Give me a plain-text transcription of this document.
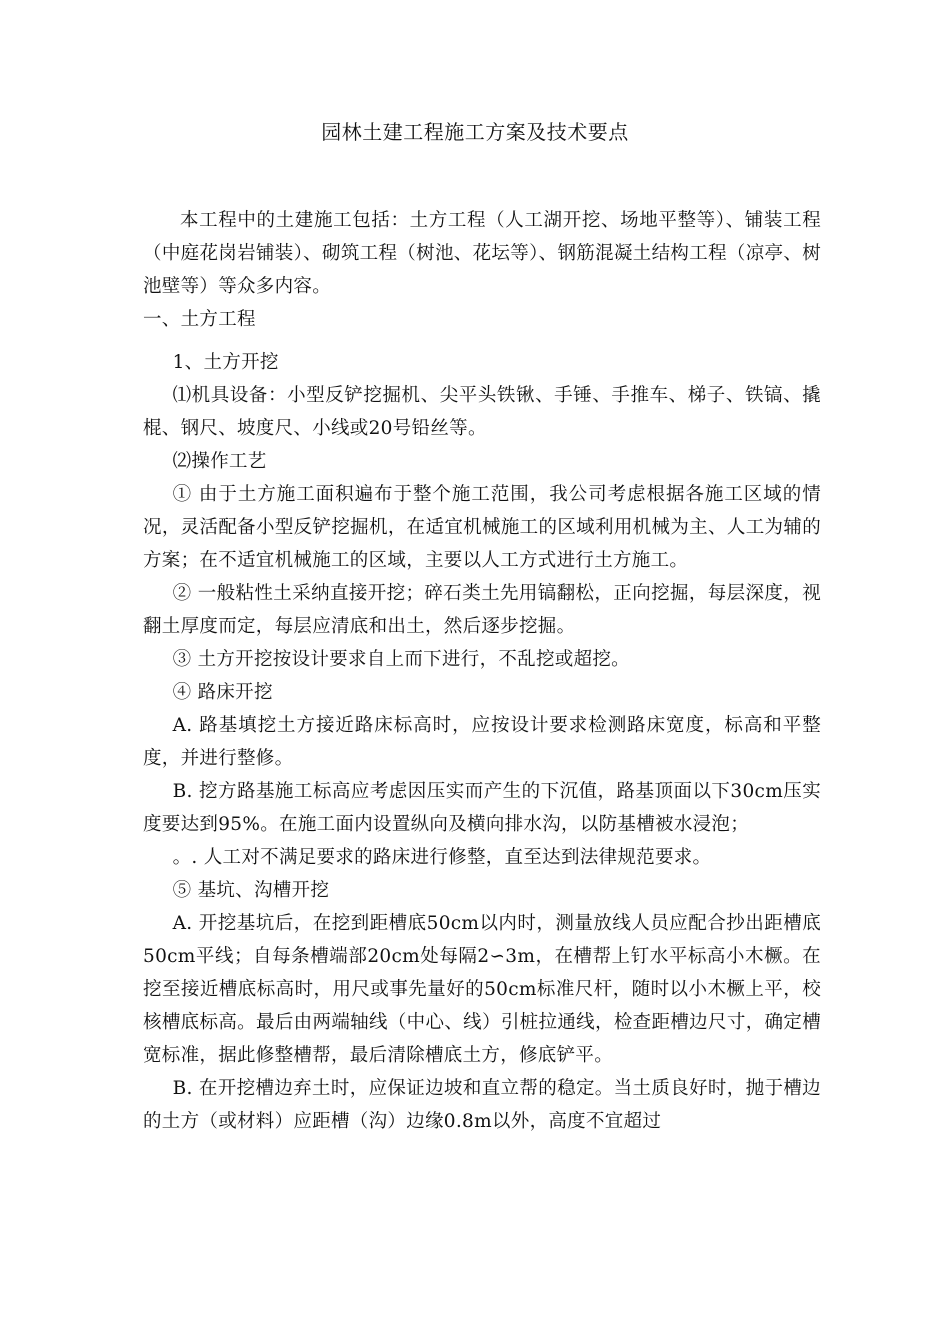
园林土建工程施工方案及技术要点

本工程中的土建施工包括：土方工程（人工湖开挖、场地平整等）、铺装工程（中庭花岗岩铺装）、砌筑工程（树池、花坛等）、钢筋混凝土结构工程（凉亭、树池壁等）等众多内容。

一、土方工程

1、土方开挖

⑴机具设备：小型反铲挖掘机、尖平头铁锹、手锤、手推车、梯子、铁镐、撬棍、钢尺、坡度尺、小线或20号铅丝等。

⑵操作工艺

① 由于土方施工面积遍布于整个施工范围，我公司考虑根据各施工区域的情况，灵活配备小型反铲挖掘机，在适宜机械施工的区域利用机械为主、人工为辅的方案；在不适宜机械施工的区域，主要以人工方式进行土方施工。

② 一般粘性土采纳直接开挖；碎石类土先用镐翻松，正向挖掘，每层深度，视翻土厚度而定，每层应清底和出土，然后逐步挖掘。

③ 土方开挖按设计要求自上而下进行，不乱挖或超挖。

④ 路床开挖

A. 路基填挖土方接近路床标高时，应按设计要求检测路床宽度，标高和平整度，并进行整修。

B. 挖方路基施工标高应考虑因压实而产生的下沉值，路基顶面以下30cm压实度要达到95%。在施工面内设置纵向及横向排水沟，以防基槽被水浸泡；

。. 人工对不满足要求的路床进行修整，直至达到法律规范要求。

⑤ 基坑、沟槽开挖

A. 开挖基坑后，在挖到距槽底50cm以内时，测量放线人员应配合抄出距槽底50cm平线；自每条槽端部20cm处每隔2∽3m，在槽帮上钉水平标高小木橛。在挖至接近槽底标高时，用尺或事先量好的50cm标准尺杆，随时以小木橛上平，校核槽底标高。最后由两端轴线（中心、线）引桩拉通线，检查距槽边尺寸，确定槽宽标准，据此修整槽帮，最后清除槽底土方，修底铲平。

B. 在开挖槽边弃土时，应保证边坡和直立帮的稳定。当土质良好时，抛于槽边的土方（或材料）应距槽（沟）边缘0.8m以外，高度不宜超过
